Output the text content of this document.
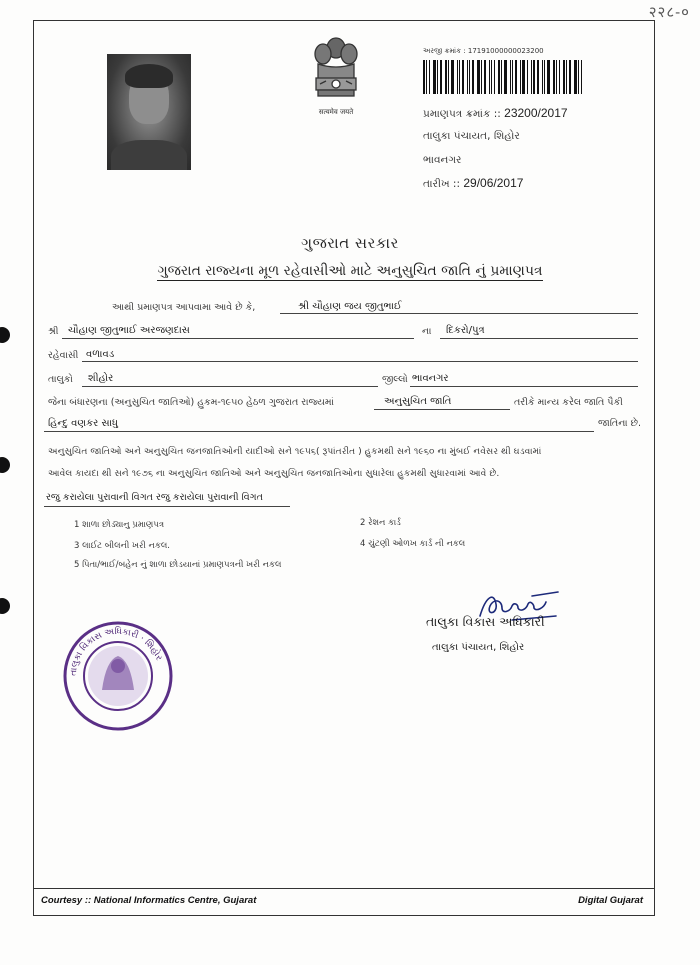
२२८-०
सत्यमेव जयते
અરજી ક્રમાંક : 17191000000023200
પ્રમાણપત્ર ક્રમાંક :: 23200/2017
તાલુકા પંચાયત, શિહોર
ભાવનગર
તારીખ :: 29/06/2017
ગુજરાત સરકાર
ગુજરાત રાજ્યના મૂળ રહેવાસીઓ માટે અનુસુચિત જાતિ નું પ્રમાણપત્ર
આથી પ્રમાણપત્ર આપવામા આવે છે કે,	શ્રી ચૌહાણ જય જીતુભાઈ
શ્રી ચૌહાણ જીતુભાઈ અરજણદાસ	ના દિકરો/પુત્ર
રહેવાસી વળાવડ
તાલુકો શીહોર	જીલ્લો ભાવનગર
જેના બંધારણના (અનુસુચિત જાતિઓ) હુકમ-૧૯૫૦ હેઠળ ગુજરાત રાજ્યમાં	અનુસુચિત જાતિ	તરીકે માન્ય કરેલ જાતિ પૈકી
હિન્દુ વણકર સાધુ	જાતિના છે.
અનુસુચિત જાતિઓ અને અનુસુચિત જનજાતિઓની યાદીઓ સને ૧૯૫૬( રૂપાંતરીત ) હુકમથી સને ૧૯૬૦ ના મુંબઈ નવેસર થી ઘડવામાં
આવેલ કાયદા થી સને ૧૯૭૬ ના અનુસુચિત જાતિઓ અને અનુસુચિત જનજાતિઓના સુધારેલા હુકમથી સુધારવામાં આવે છે.
રજુ કરાયેલા પુરાવાની વિગત રજુ કરાયેલા પુરાવાની વિગત
1 શાળા છોડ્યાનુ પ્રમાણપત્ર	2 રેશન કાર્ડ
3 લાઈટ બીલની ખરી નકલ.	4 ચુંટણી ઓળખ કાર્ડ ની નકલ
5 પિતા/ભાઈ/બહેન નું શાળા છોડયાનાં પ્રમાણપત્રની ખરી નકલ
તાલુકા વિકાસ અધિકારી
તાલુકા પંચાયત, શિહોર
તાલુકા વિકાસ અધિકારી · શિહોર
Courtesy :: National Informatics Centre, Gujarat	Digital Gujarat
